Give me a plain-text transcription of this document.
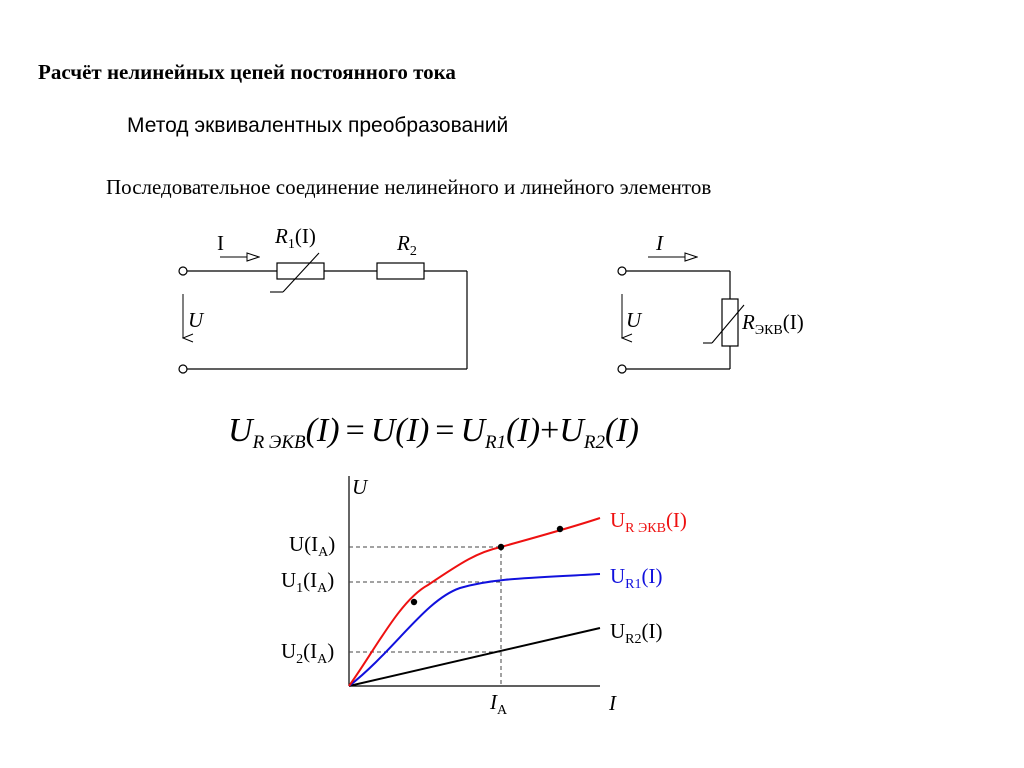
Расчёт нелинейных цепей постоянного тока
Метод эквивалентных преобразований
Последовательное соединение нелинейного и линейного элементов
I
U
$R_1(I)$	$R_2$	I
U	$R_{ЭКВ}(I)$
$U_{R ЭКВ}(I) = U(I) = U_{R1}(I)+U_{R2}(I)$
U
I
$I_A$
$U(I_A)$
$U_1(I_A)$
$U_2(I_A)$
$U_{R ЭКВ}(I)$
$U_{R1}(I)$
$U_{R2}(I)$
